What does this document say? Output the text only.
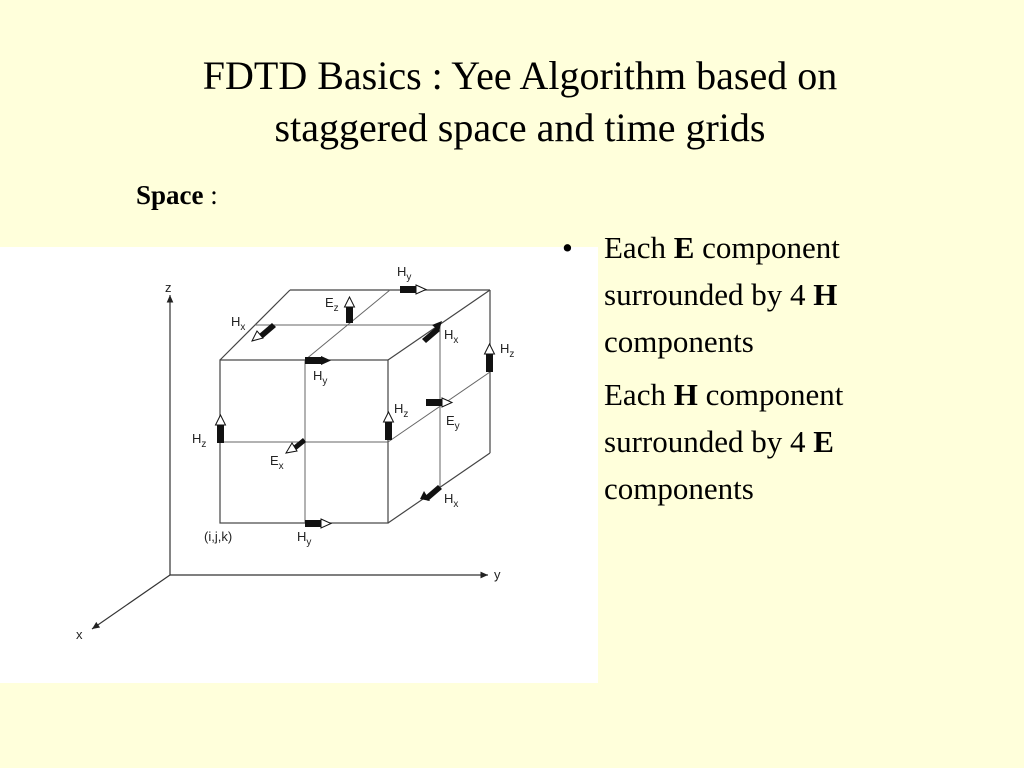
FDTD Basics : Yee Algorithm based on
staggered space and time grids
Space :
z
y
x
$H_y$
$E_z$
$H_x$	$H_x$
$H_z$
$H_y$
$H_z$	$E_y$
$H_z$
$E_x$
$H_x$
$H_y$
(i,j,k)
• Each E component surrounded by 4 H components
Each H component surrounded by 4 E components
